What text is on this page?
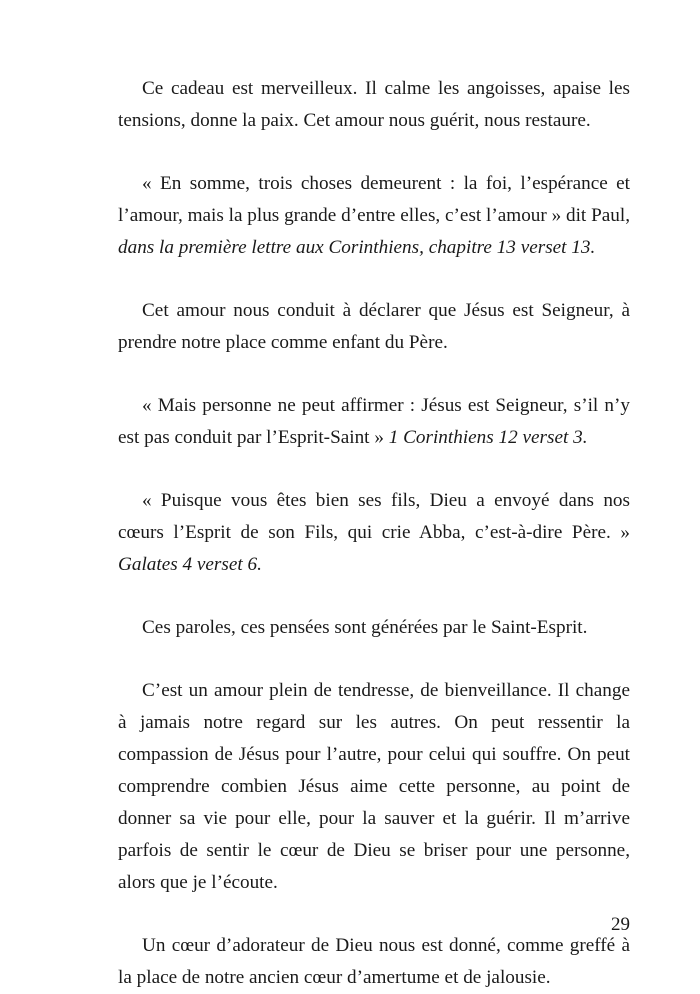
Ce cadeau est merveilleux. Il calme les angoisses, apaise les tensions, donne la paix. Cet amour nous guérit, nous restaure.

« En somme, trois choses demeurent : la foi, l’espérance et l’amour, mais la plus grande d’entre elles, c’est l’amour » dit Paul, dans la première lettre aux Corinthiens, chapitre 13 verset 13.

Cet amour nous conduit à déclarer que Jésus est Seigneur, à prendre notre place comme enfant du Père.

« Mais personne ne peut affirmer : Jésus est Seigneur, s’il n’y est pas conduit par l’Esprit-Saint » 1 Corinthiens 12 verset 3.

« Puisque vous êtes bien ses fils, Dieu a envoyé dans nos cœurs l’Esprit de son Fils, qui crie Abba, c’est-à-dire Père. » Galates 4 verset 6.

Ces paroles, ces pensées sont générées par le Saint-Esprit.

C’est un amour plein de tendresse, de bienveillance. Il change à jamais notre regard sur les autres. On peut ressentir la compassion de Jésus pour l’autre, pour celui qui souffre. On peut comprendre combien Jésus aime cette personne, au point de donner sa vie pour elle, pour la sauver et la guérir. Il m’arrive parfois de sentir le cœur de Dieu se briser pour une personne, alors que je l’écoute.

Un cœur d’adorateur de Dieu nous est donné, comme greffé à la place de notre ancien cœur d’amertume et de jalousie.

29
